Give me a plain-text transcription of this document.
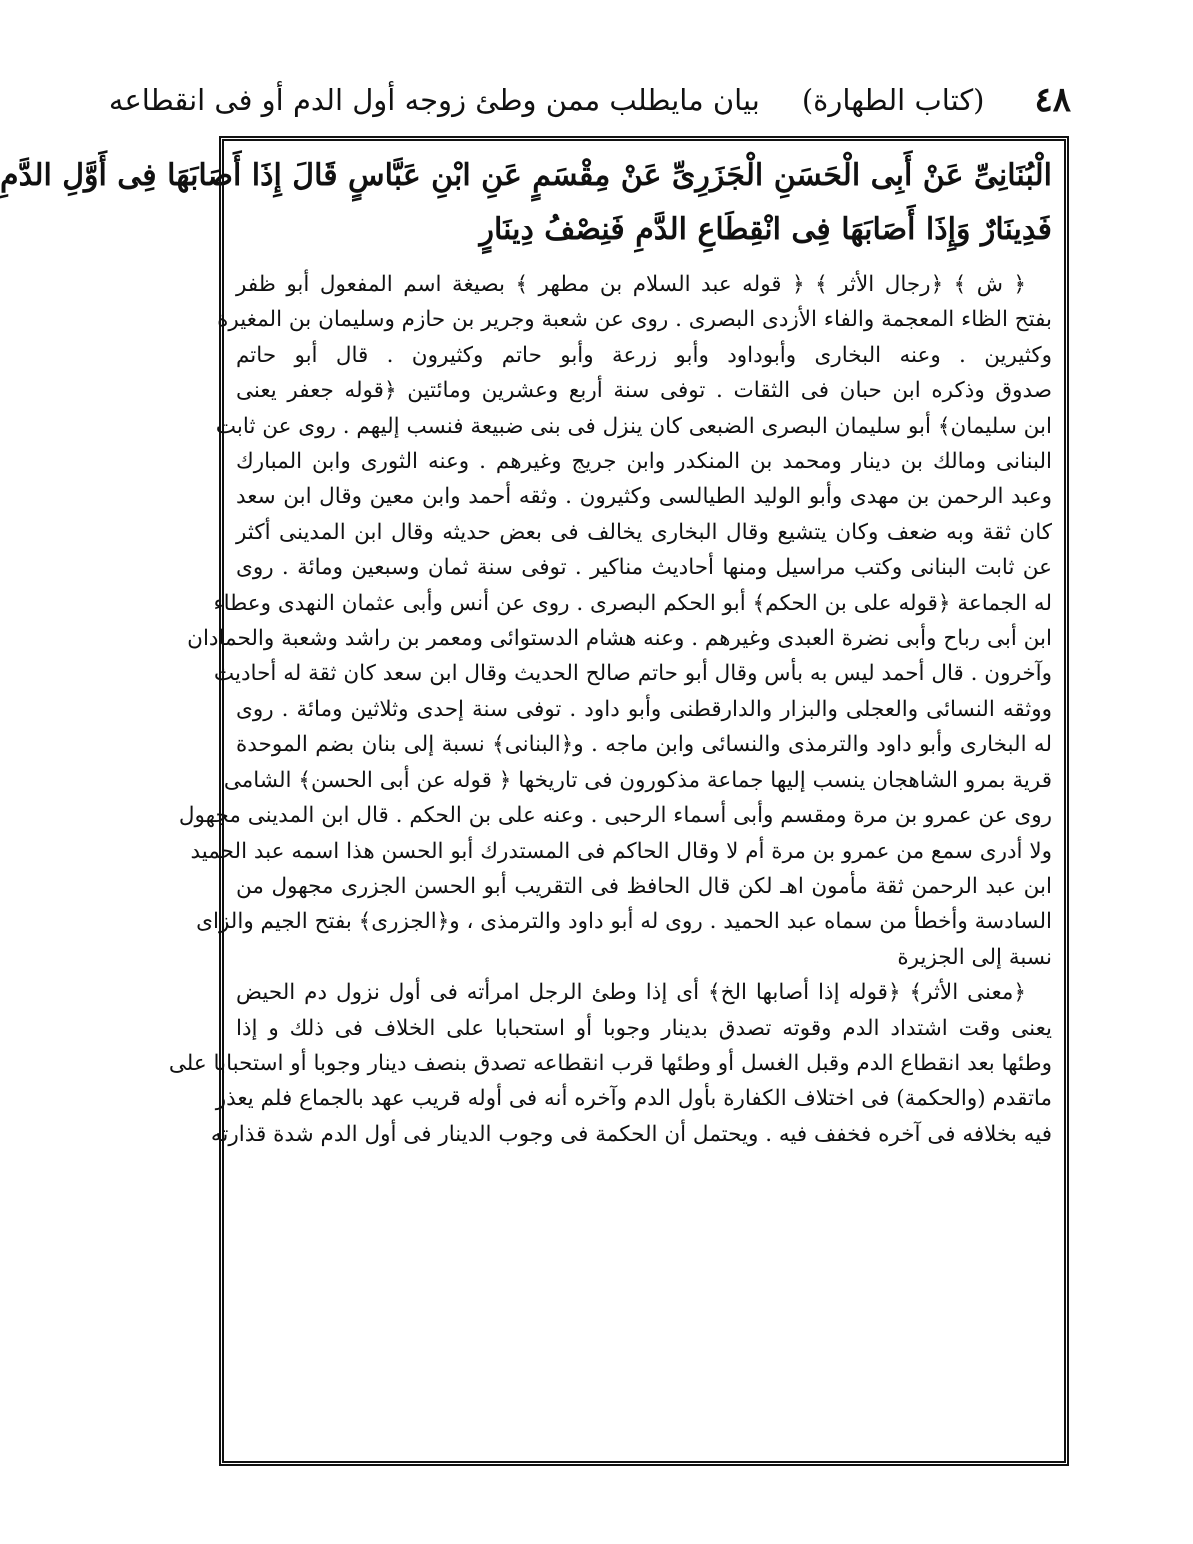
٤٨
(كتاب الطهارة)
بيان مايطلب ممن وطئ زوجه أول الدم أو فى انقطاعه
الْبُنَانِىِّ عَنْ أَبِى الْحَسَنِ الْجَزَرِىِّ عَنْ مِقْسَمٍ عَنِ ابْنِ عَبَّاسٍ قَالَ إِذَا أَصَابَهَا فِى أَوَّلِ الدَّمِ
فَدِينَارٌ وَإِذَا أَصَابَهَا فِى انْقِطَاعِ الدَّمِ فَنِصْفُ دِينَارٍ
﴿ ش ﴾ ﴿رجال الأثر ﴾ ﴿ قوله عبد السلام بن مطهر ﴾ بصيغة اسم المفعول أبو ظفر
بفتح الظاء المعجمة والفاء الأزدى البصرى . روى عن شعبة وجرير بن حازم وسليمان بن المغيرة
وكثيرين . وعنه البخارى وأبوداود وأبو زرعة وأبو حاتم وكثيرون . قال أبو حاتم
صدوق وذكره ابن حبان فى الثقات . توفى سنة أربع وعشرين ومائتين ﴿قوله جعفر يعنى
ابن سليمان﴾ أبو سليمان البصرى الضبعى كان ينزل فى بنى ضبيعة فنسب إليهم . روى عن ثابت
البنانى ومالك بن دينار ومحمد بن المنكدر وابن جريج وغيرهم . وعنه الثورى وابن المبارك
وعبد الرحمن بن مهدى وأبو الوليد الطيالسى وكثيرون . وثقه أحمد وابن معين وقال ابن سعد
كان ثقة وبه ضعف وكان يتشيع وقال البخارى يخالف فى بعض حديثه وقال ابن المدينى أكثر
عن ثابت البنانى وكتب مراسيل ومنها أحاديث مناكير . توفى سنة ثمان وسبعين ومائة . روى
له الجماعة ﴿قوله على بن الحكم﴾ أبو الحكم البصرى . روى عن أنس وأبى عثمان النهدى وعطاء
ابن أبى رباح وأبى نضرة العبدى وغيرهم . وعنه هشام الدستوائى ومعمر بن راشد وشعبة والحمادان
وآخرون . قال أحمد ليس به بأس وقال أبو حاتم صالح الحديث وقال ابن سعد كان ثقة له أحاديث
ووثقه النسائى والعجلى والبزار والدارقطنى وأبو داود . توفى سنة إحدى وثلاثين ومائة . روى
له البخارى وأبو داود والترمذى والنسائى وابن ماجه . و﴿البنانى﴾ نسبة إلى بنان بضم الموحدة
قرية بمرو الشاهجان ينسب إليها جماعة مذكورون فى تاريخها ﴿ قوله عن أبى الحسن﴾ الشامى
روى عن عمرو بن مرة ومقسم وأبى أسماء الرحبى . وعنه على بن الحكم . قال ابن المدينى مجهول
ولا أدرى سمع من عمرو بن مرة أم لا وقال الحاكم فى المستدرك أبو الحسن هذا اسمه عبد الحميد
ابن عبد الرحمن ثقة مأمون اهـ لكن قال الحافظ فى التقريب أبو الحسن الجزرى مجهول من
السادسة وأخطأ من سماه عبد الحميد . روى له أبو داود والترمذى ، و﴿الجزرى﴾ بفتح الجيم والزاى
نسبة إلى الجزيرة
﴿معنى الأثر﴾ ﴿قوله إذا أصابها الخ﴾ أى إذا وطئ الرجل امرأته فى أول نزول دم الحيض
يعنى وقت اشتداد الدم وقوته تصدق بدينار وجوبا أو استحبابا على الخلاف فى ذلك و إذا
وطئها بعد انقطاع الدم وقبل الغسل أو وطئها قرب انقطاعه تصدق بنصف دينار وجوبا أو استحبابا على
ماتقدم (والحكمة) فى اختلاف الكفارة بأول الدم وآخره أنه فى أوله قريب عهد بالجماع فلم يعذر
فيه بخلافه فى آخره فخفف فيه . ويحتمل أن الحكمة فى وجوب الدينار فى أول الدم شدة قذارته
